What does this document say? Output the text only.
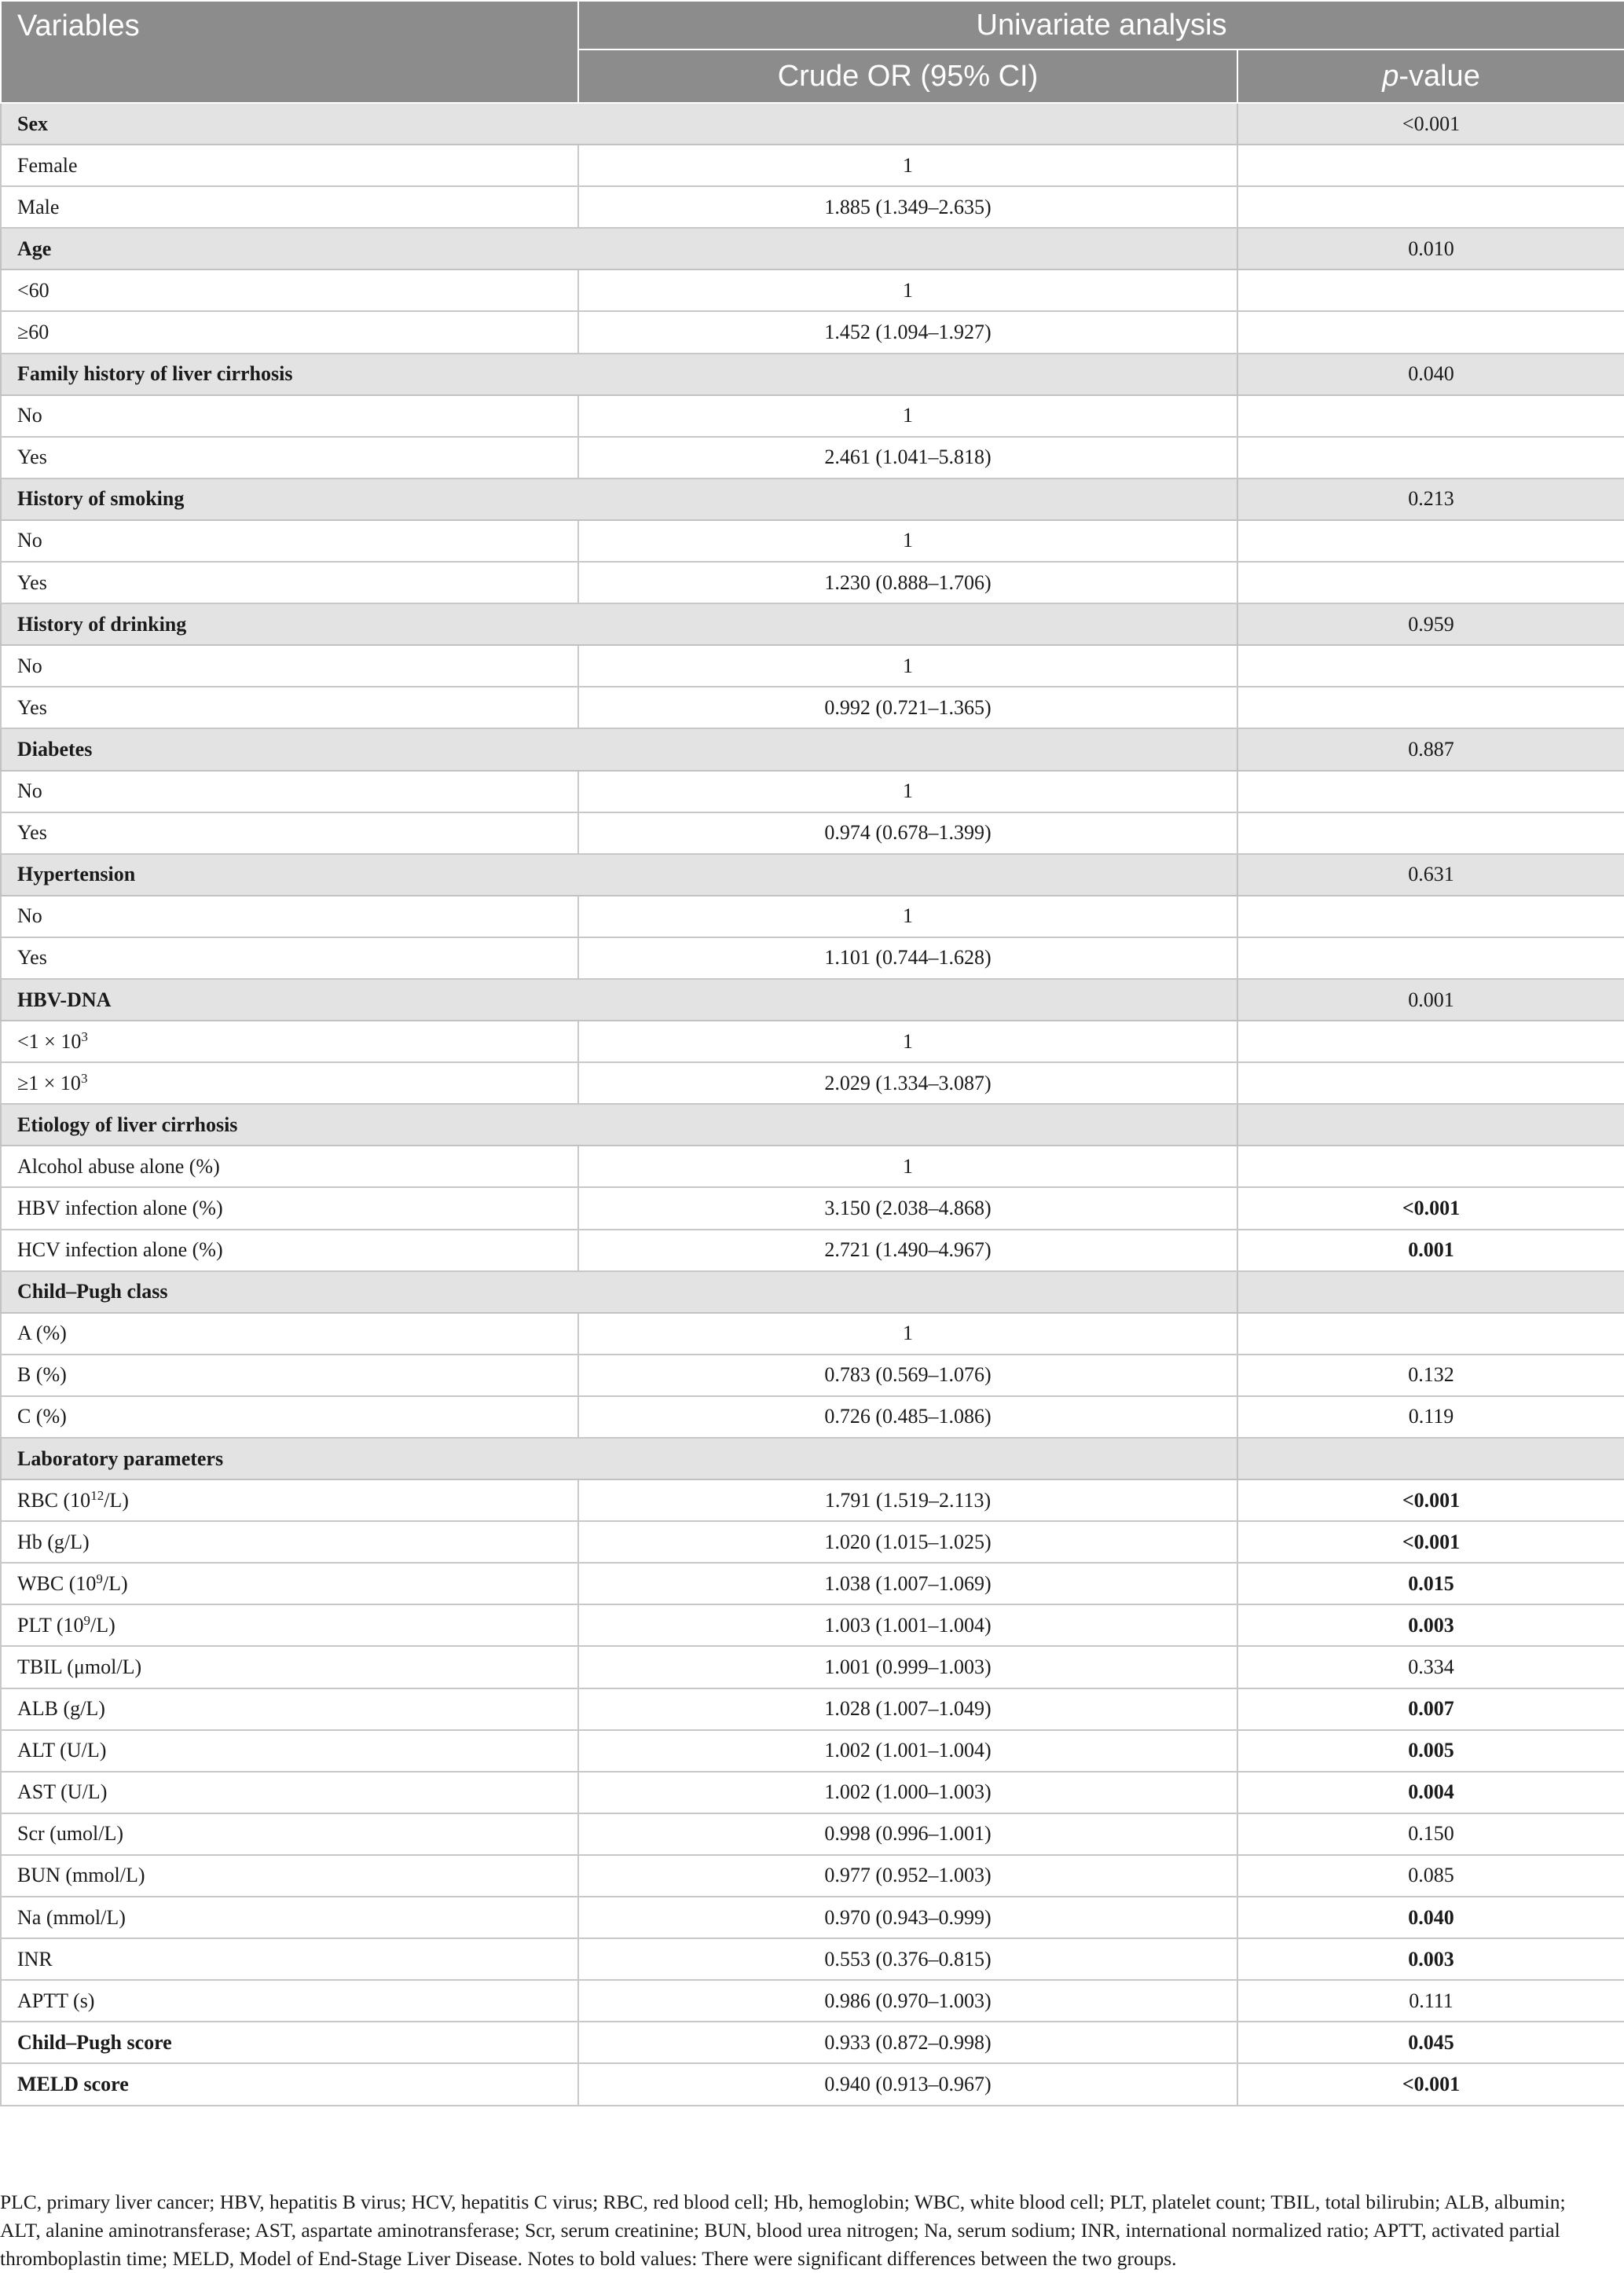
Variables	Univariate analysis	
	Crude OR (95% CI)	p-value
Sex		<0.001
Female	1	
Male	1.885 (1.349–2.635)	
Age		0.010
<60	1	
≥60	1.452 (1.094–1.927)	
Family history of liver cirrhosis		0.040
No	1	
Yes	2.461 (1.041–5.818)	
History of smoking		0.213
No	1	
Yes	1.230 (0.888–1.706)	
History of drinking		0.959
No	1	
Yes	0.992 (0.721–1.365)	
Diabetes		0.887
No	1	
Yes	0.974 (0.678–1.399)	
Hypertension		0.631
No	1	
Yes	1.101 (0.744–1.628)	
HBV-DNA		0.001
$<1 \times 10^3$	1	
$\ge 1 \times 10^3$	2.029 (1.334–3.087)	
Etiology of liver cirrhosis		
Alcohol abuse alone (%)	1	
HBV infection alone (%)	3.150 (2.038–4.868)	<0.001
HCV infection alone (%)	2.721 (1.490–4.967)	0.001
Child–Pugh class		
A (%)	1	
B (%)	0.783 (0.569–1.076)	0.132
C (%)	0.726 (0.485–1.086)	0.119
Laboratory parameters		
RBC $(10^{12}/L)$	1.791 (1.519–2.113)	<0.001
Hb (g/L)	1.020 (1.015–1.025)	<0.001
WBC $(10^9/L)$	1.038 (1.007–1.069)	0.015
PLT $(10^9/L)$	1.003 (1.001–1.004)	0.003
TBIL (μmol/L)	1.001 (0.999–1.003)	0.334
ALB (g/L)	1.028 (1.007–1.049)	0.007
ALT (U/L)	1.002 (1.001–1.004)	0.005
AST (U/L)	1.002 (1.000–1.003)	0.004
Scr (umol/L)	0.998 (0.996–1.001)	0.150
BUN (mmol/L)	0.977 (0.952–1.003)	0.085
Na (mmol/L)	0.970 (0.943–0.999)	0.040
INR	0.553 (0.376–0.815)	0.003
APTT (s)	0.986 (0.970–1.003)	0.111
Child–Pugh score	0.933 (0.872–0.998)	0.045
MELD score	0.940 (0.913–0.967)	<0.001
PLC, primary liver cancer; HBV, hepatitis B virus; HCV, hepatitis C virus; RBC, red blood cell; Hb, hemoglobin; WBC, white blood cell; PLT, platelet count; TBIL, total bilirubin; ALB, albumin; ALT, alanine aminotransferase; AST, aspartate aminotransferase; Scr, serum creatinine; BUN, blood urea nitrogen; Na, serum sodium; INR, international normalized ratio; APTT, activated partial thromboplastin time; MELD, Model of End-Stage Liver Disease. Notes to bold values: There were significant differences between the two groups.
